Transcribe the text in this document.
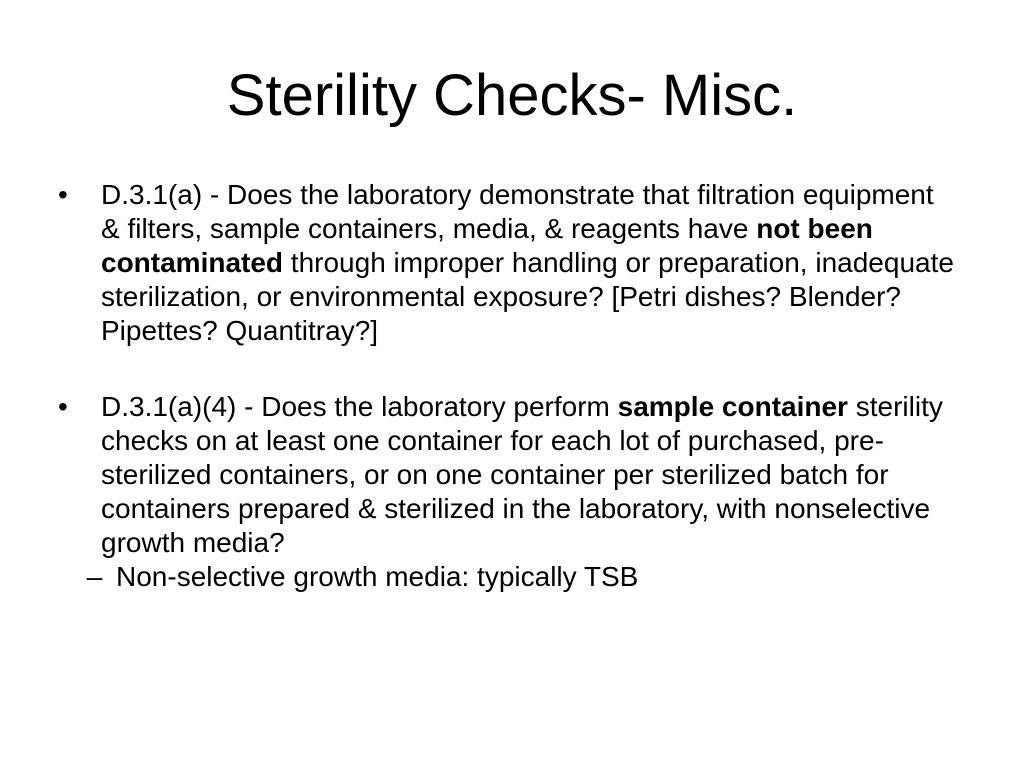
Sterility Checks- Misc.

•	D.3.1(a) - Does the laboratory demonstrate that filtration equipment & filters, sample containers, media, & reagents have not been contaminated through improper handling or preparation, inadequate sterilization, or environmental exposure? [Petri dishes? Blender? Pipettes? Quantitray?]

•	D.3.1(a)(4) - Does the laboratory perform sample container sterility checks on at least one container for each lot of purchased, pre-sterilized containers, or on one container per sterilized batch for containers prepared & sterilized in the laboratory, with nonselective growth media?

– Non-selective growth media: typically TSB
